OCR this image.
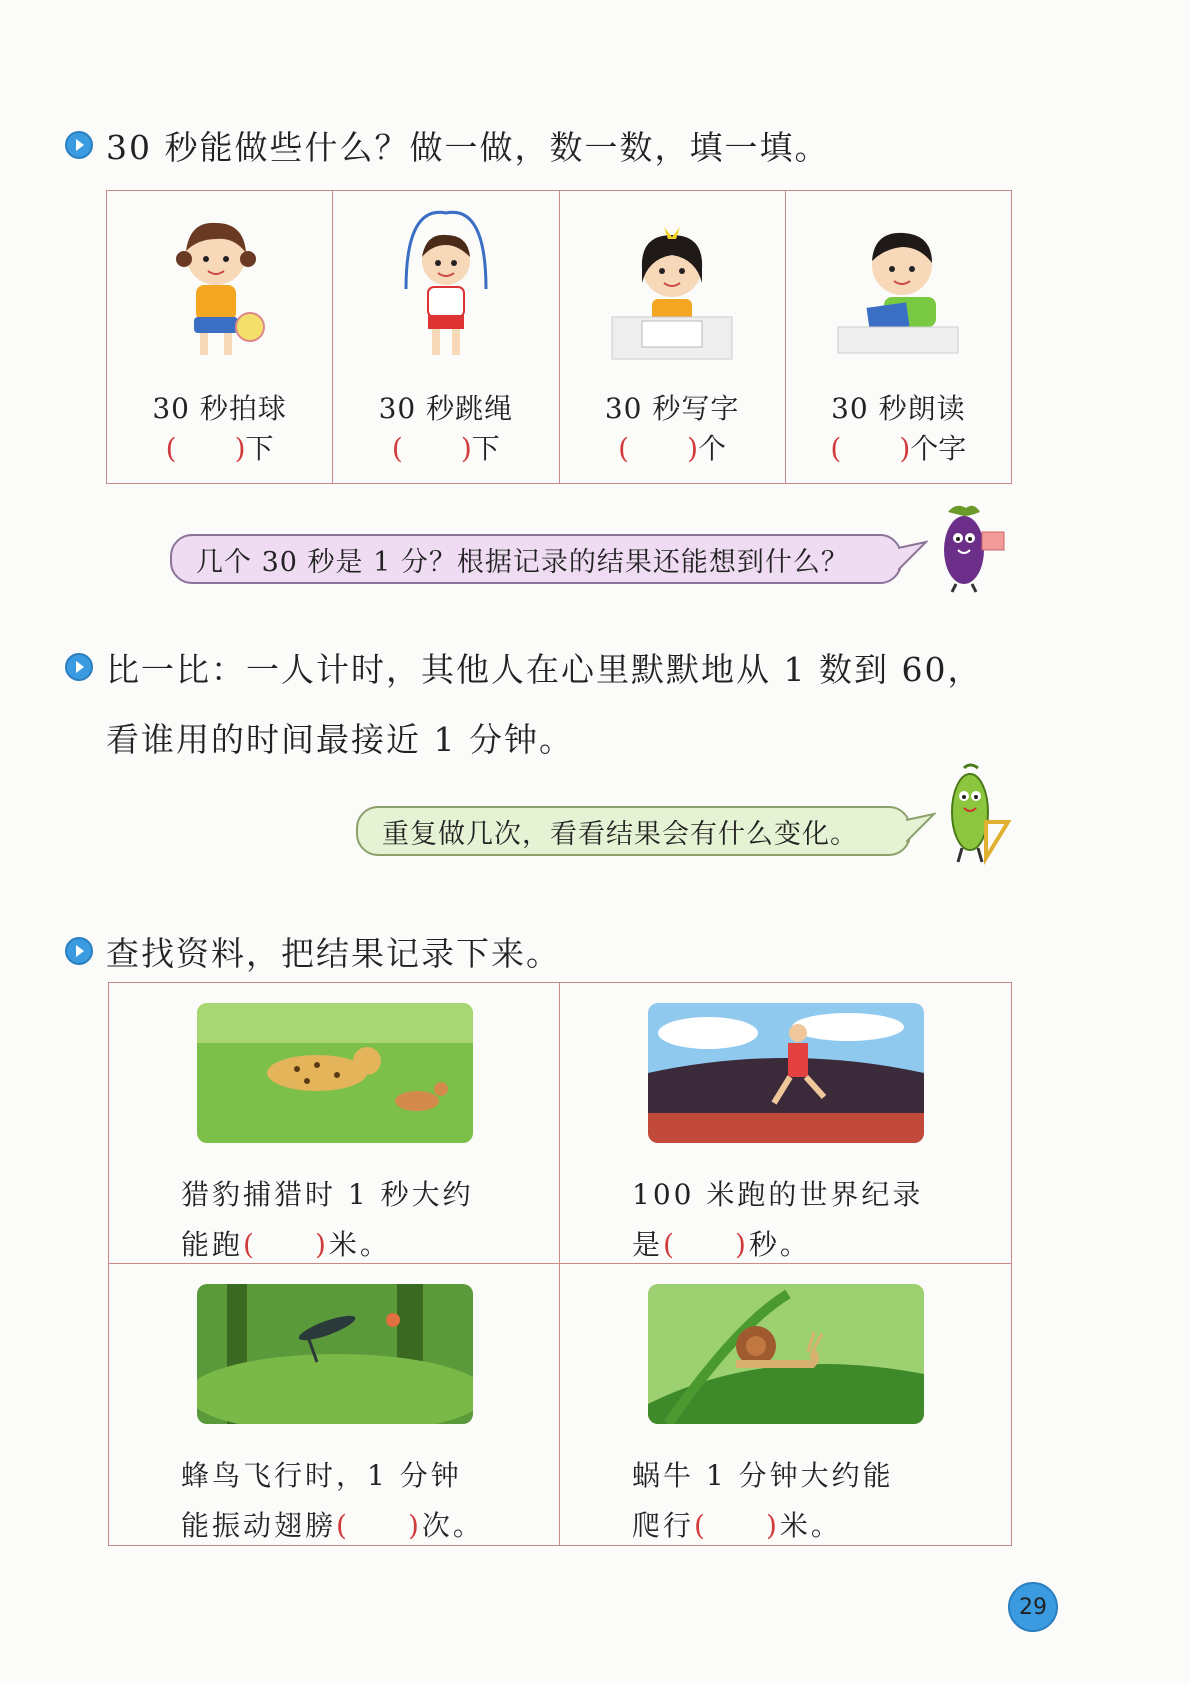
30 秒能做些什么？做一做，数一数，填一填。
30 秒拍球
( )下
30 秒跳绳
( )下
30 秒写字
( )个
30 秒朗读
( )个字
几个 30 秒是 1 分？根据记录的结果还能想到什么？
比一比：一人计时，其他人在心里默默地从 1 数到 60，
看谁用的时间最接近 1 分钟。
重复做几次，看看结果会有什么变化。
查找资料，把结果记录下来。
猎豹捕猎时 1 秒大约
能跑( )米。
100 米跑的世界纪录
是( )秒。
蜂鸟飞行时，1 分钟
能振动翅膀( )次。
蜗牛 1 分钟大约能
爬行( )米。
29
